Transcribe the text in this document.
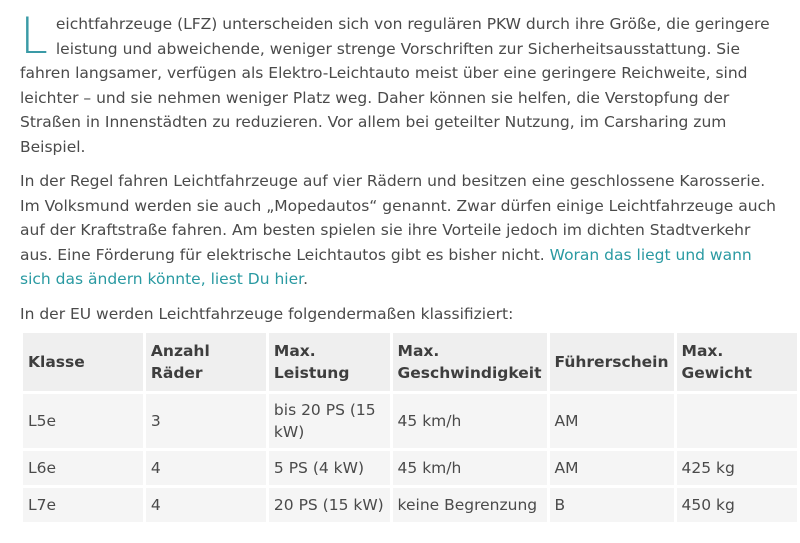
Leichtfahrzeuge (LFZ) unterscheiden sich von regulären PKW durch ihre Größe, die geringere leistung und abweichende, weniger strenge Vorschriften zur Sicherheitsausstattung. Sie fahren langsamer, verfügen als Elektro-Leichtauto meist über eine geringere Reichweite, sind leichter – und sie nehmen weniger Platz weg. Daher können sie helfen, die Verstopfung der Straßen in Innenstädten zu reduzieren. Vor allem bei geteilter Nutzung, im Carsharing zum Beispiel.

In der Regel fahren Leichtfahrzeuge auf vier Rädern und besitzen eine geschlossene Karosserie. Im Volksmund werden sie auch „Mopedautos“ genannt. Zwar dürfen einige Leichtfahrzeuge auch auf der Kraftstraße fahren. Am besten spielen sie ihre Vorteile jedoch im dichten Stadtverkehr aus. Eine Förderung für elektrische Leichtautos gibt es bisher nicht. Woran das liegt und wann sich das ändern könnte, liest Du hier.

In der EU werden Leichtfahrzeuge folgendermaßen klassifiziert:

Klasse	Anzahl Räder	Max. Leistung	Max. Geschwindigkeit	Führerschein	Max. Gewicht
L5e	3	bis 20 PS (15 kW)	45 km/h	AM	
L6e	4	5 PS (4 kW)	45 km/h	AM	425 kg
L7e	4	20 PS (15 kW)	keine Begrenzung	B	450 kg
